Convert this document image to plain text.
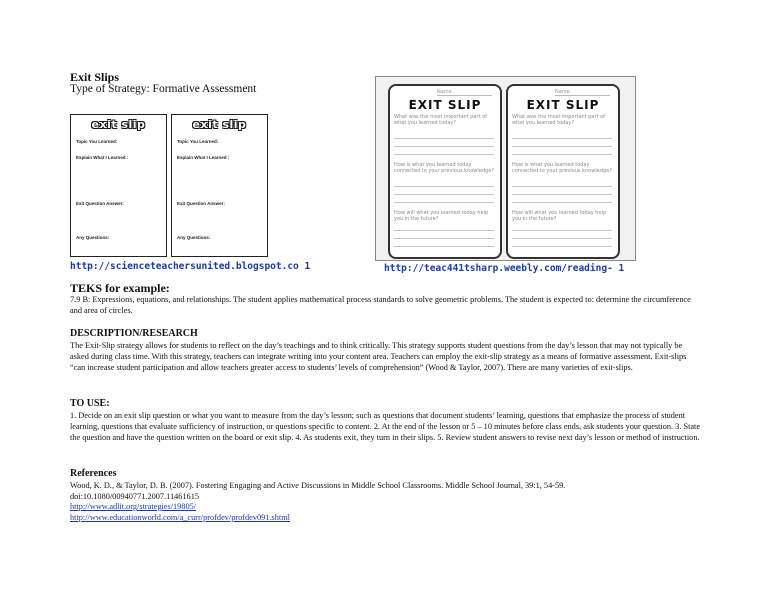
Exit Slips
Type of Strategy: Formative Assessment
exit slip
Topic You Learned:
Explain What I Learned :
Exit Question Answer:
Any Questions:
exit slip
Topic You Learned:
Explain What I Learned :
Exit Question Answer:
Any Questions:
Name
EXIT SLIP
What was the most important part of what you learned today?
How is what you learned today connected to your previous knowledge?
How will what you learned today help you in the future?
Name
EXIT SLIP
What was the most important part of what you learned today?
How is what you learned today connected to your previous knowledge?
How will what you learned today help you in the future?
http://scienceteachersunited.blogspot.co 1	http://teac441tsharp.weebly.com/reading- 1
TEKS for example:
7.9 B: Expressions, equations, and relationships. The student applies mathematical process standards to solve geometric problems. The student is expected to: determine the circumference and area of circles.
DESCRIPTION/RESEARCH
The Exit-Slip strategy allows for students to reflect on the day’s teachings and to think critically. This strategy supports student questions from the day’s lesson that may not typically be asked during class time. With this strategy, teachers can integrate writing into your content area. Teachers can employ the exit-slip strategy as a means of formative assessment. Exit-slips “can increase student participation and allow teachers greater access to students’ levels of comprehension” (Wood & Taylor, 2007). There are many varieties of exit-slips.
TO USE:
1. Decide on an exit slip question or what you want to measure from the day’s lesson; such as questions that document students’ learning, questions that emphasize the process of student learning, questions that evaluate sufficiency of instruction, or questions specific to content. 2. At the end of the lesson or 5 – 10 minutes before class ends, ask students your question. 3. State the question and have the question written on the board or exit slip. 4. As students exit, they turn in their slips. 5. Review student answers to revise next day’s lesson or method of instruction.
References
Wood, K. D., & Taylor, D. B. (2007). Fostering Engaging and Active Discussions in Middle School Classrooms. Middle School Journal, 39:1, 54-59.
doi:10.1080/00940771.2007.11461615
http://www.adlit.org/strategies/19805/
http://www.educationworld.com/a_curr/profdev/profdev091.shtml
